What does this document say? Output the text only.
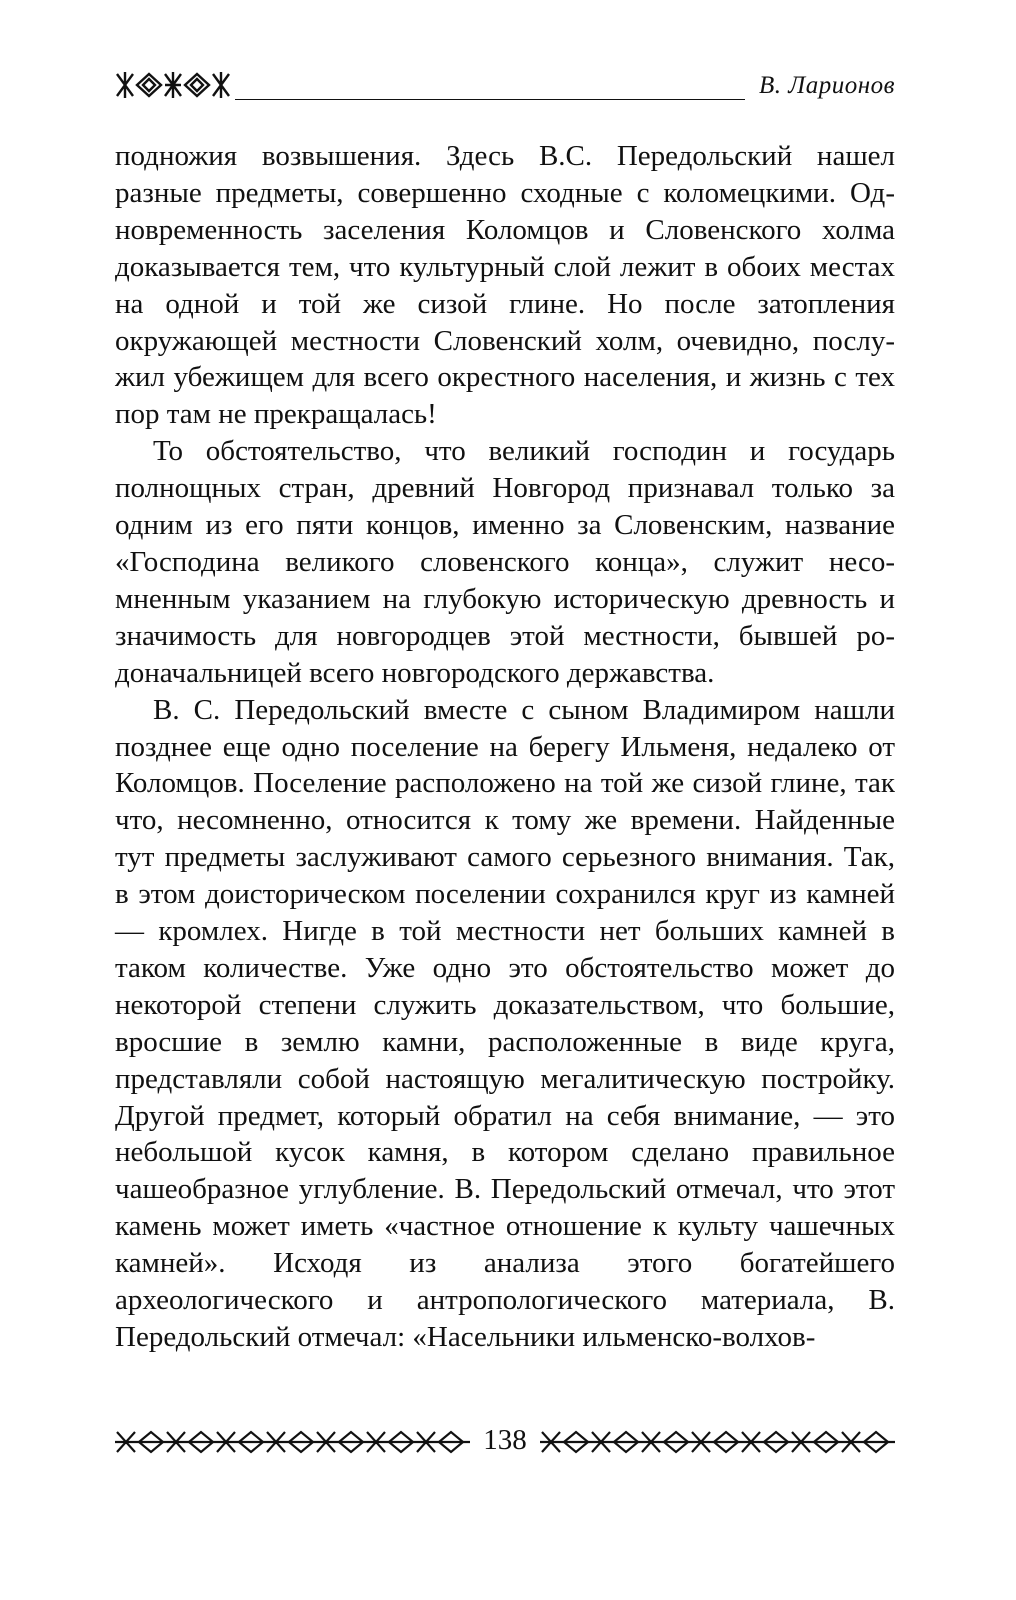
В. Ларионов

подножия возвышения. Здесь В.С. Передольский нашел разные предметы, совершенно сходные с коломецкими. Одновременность заселения Коломцов и Словенского холма доказывается тем, что культурный слой лежит в обоих местах на одной и той же сизой глине. Но после затопления окружающей местности Словенский холм, очевидно, послужил убежищем для всего окрестного населения, и жизнь с тех пор там не прекращалась!

То обстоятельство, что великий господин и государь полнощных стран, древний Новгород признавал только за одним из его пяти концов, именно за Словенским, название «Господина великого словенского конца», служит несомненным указанием на глубокую историческую древность и значимость для новгородцев этой местности, бывшей родоначальницей всего новгородского державства.

В. С. Передольский вместе с сыном Владимиром нашли позднее еще одно поселение на берегу Ильменя, недалеко от Коломцов. Поселение расположено на той же сизой глине, так что, несомненно, относится к тому же времени. Найденные тут предметы заслуживают самого серьезного внимания. Так, в этом доисторическом поселении сохранился круг из камней — кромлех. Нигде в той местности нет больших камней в таком количестве. Уже одно это обстоятельство может до некоторой степени служить доказательством, что большие, вросшие в землю камни, расположенные в виде круга, представляли собой настоящую мегалитическую постройку. Другой предмет, который обратил на себя внимание, — это небольшой кусок камня, в котором сделано правильное чашеобразное углубление. В. Передольский отмечал, что этот камень может иметь «частное отношение к культу чашечных камней». Исходя из анализа этого богатейшего археологического и антропологического материала, В. Передольский отмечал: «Насельники ильменско-волхов-

138
